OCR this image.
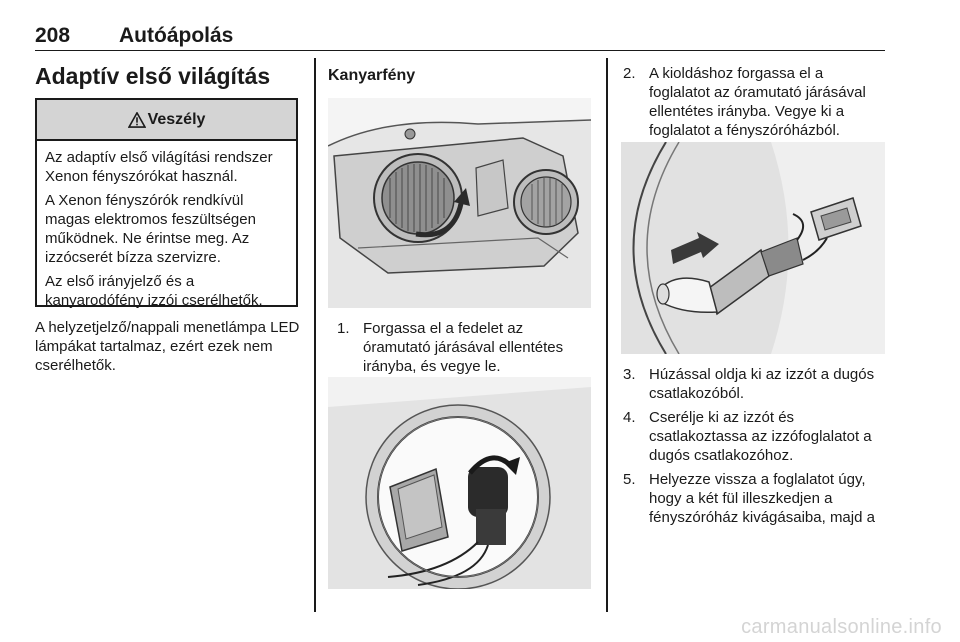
208 Autóápolás
Adaptív első világítás
Veszély

Az adaptív első világítási rendszer Xenon fényszórókat használ.

A Xenon fényszórók rendkívül magas elektromos feszültségen működnek. Ne érintse meg. Az izzócserét bízza szervizre.

Az első irányjelző és a kanyarodófény izzói cserélhetők.

A helyzetjelző/nappali menetlámpa LED lámpákat tartalmaz, ezért ezek nem cserélhetők.
Kanyarfény
1. Forgassa el a fedelet az óramutató járásával ellentétes irányba, és vegye le.
2. A kioldáshoz forgassa el a foglalatot az óramutató járásával ellentétes irányba. Vegye ki a foglalatot a fényszóróházból.
3. Húzással oldja ki az izzót a dugós csatlakozóból.
4. Cserélje ki az izzót és csatlakoztassa az izzófoglalatot a dugós csatlakozóhoz.
5. Helyezze vissza a foglalatot úgy, hogy a két fül illeszkedjen a fényszóróház kivágásaiba, majd a
carmanualsonline.info
